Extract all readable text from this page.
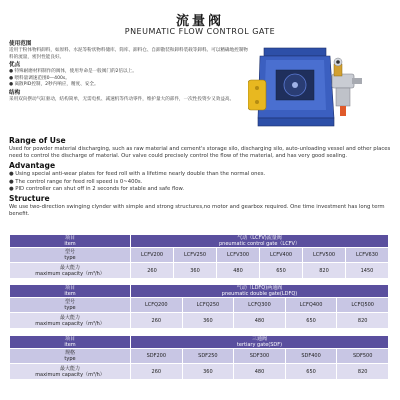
流量阀
PNEUMATIC FLOW CONTROL GATE

使用范围

适用于粉体物料卸料，如原料、水泥等粉状物料储库、筒库、卸料仓、自卸散装和卸料装载等卸料。可以精确地控制物料的流量，密封性能良好。

优点

● 特殊耐磨材料制作的阀体，使用寿命是一般阀门的2倍以上。

● 喂料量调速范围0—400s。

● 离散PID控制，2秒内响应，精度、安全。

结构

采用双向摆动气缸驱动，结构简单，无需电机、减速机等传动零件，维护量大的部件，一次性投资少又效益高。

Range of Use

Used for powder material discharging, such as raw material and cement's storage silo, discharging silo, auto-unloading vessel and other places need to control the discharge of material. Our valve could precisely control the flow of the material, and has very good sealing.

Advantage

● Using special anti-wear plates for feed roll with a lifetime nearly double than the normal ones.

● The control range for feed roll speed is 0~400s.

● PID controller can shut off in 2 seconds for stable and safe flow.

Structure

We use two-direction swinging clynder with simple and strong structures,no motor and gearbox required. One time investment has long term benefit.

项目
item	气动（LCFV)流量阀
pneumatic control gate（LCFV）					
型号
type	LCFV200	LCFV250	LCFV300	LCFV400	LCFV500	LCFV630
最大能力
maximum capacity（m³/h）	260	360	480	650	820	1450
项目
item	气动（LDFQ)两通阀
pneumatic double gate(LDFQ)				
型号
type	LCFQ200	LCFQ250	LCFQ300	LCFQ400	LCFQ500
最大能力
maximum capacity（m³/h）	260	360	480	650	820
项目
item	三通阀
tertiary gate(SDF)				
规格
type	SDF200	SDF250	SDF300	SDF400	SDF500
最大能力
maximum capacity（m³/h）	260	360	480	650	820
